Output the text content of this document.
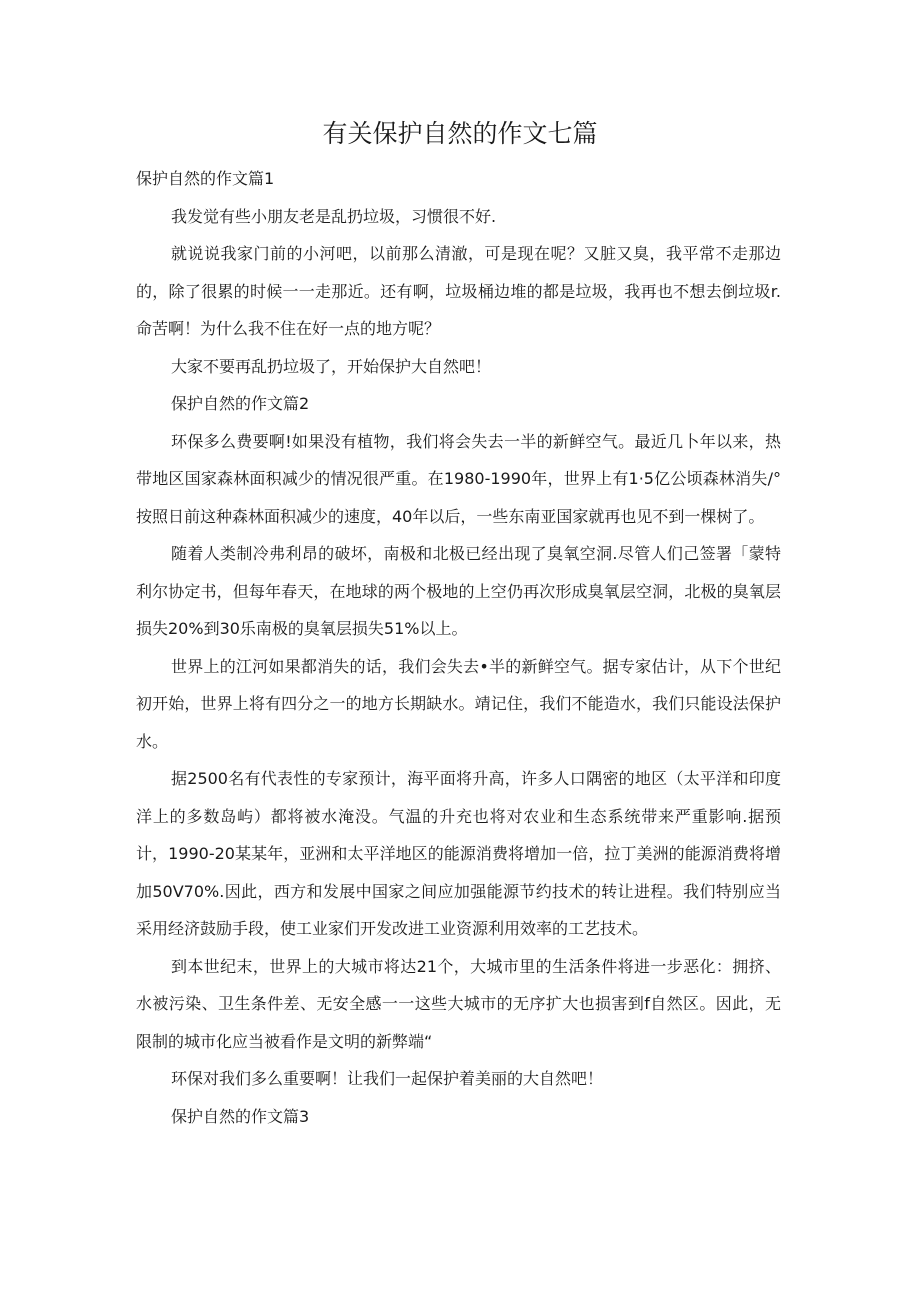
有关保护自然的作文七篇

保护自然的作文篇1

我发觉有些小朋友老是乱扔垃圾，习惯很不好.

就说说我家门前的小河吧，以前那么清澈，可是现在呢？又脏又臭，我平常不走那边的，除了很累的时候一一走那近。还有啊，垃圾桶边堆的都是垃圾，我再也不想去倒垃圾r.命苦啊！为什么我不住在好一点的地方呢？

大家不要再乱扔垃圾了，开始保护大自然吧！

保护自然的作文篇2

环保多么费要啊!如果没有植物，我们将会失去一半的新鲜空气。最近几卜年以来，热带地区国家森林面积减少的情况很严重。在1980-1990年，世界上有1·5亿公顷森林消失/° 按照日前这种森林面积减少的速度，40年以后，一些东南亚国家就再也见不到一棵树了。

随着人类制冷弗利昂的破坏，南极和北极已经出现了臭氧空洞.尽管人们己签署「蒙特利尔协定书，但每年春天，在地球的两个极地的上空仍再次形成臭氧层空洞，北极的臭氧层损失20%到30乐南极的臭氧层损失51%以上。

世界上的江河如果都消失的话，我们会失去•半的新鲜空气。据专家估计，从下个世纪初开始，世界上将有四分之一的地方长期缺水。靖记住，我们不能造水，我们只能设法保护水。

据2500名有代表性的专家预计，海平面将升高，许多人口隅密的地区（太平洋和印度洋上的多数岛屿）都将被水淹没。气温的升充也将对农业和生态系统带来严重影响.据预计，1990-20某某年，亚洲和太平洋地区的能源消费将增加一倍，拉丁美洲的能源消费将增加50V70%.因此，西方和发展中国家之间应加强能源节约技术的转让进程。我们特别应当采用经济鼓励手段，使工业家们开发改进工业资源利用效率的工艺技术。

到本世纪末，世界上的大城市将达21个，大城市里的生活条件将进一步恶化：拥挤、水被污染、卫生条件差、无安全感一一这些大城市的无序扩大也损害到f自然区。因此，无限制的城市化应当被看作是文明的新弊端“

环保对我们多么重要啊！让我们一起保护着美丽的大自然吧！

保护自然的作文篇3
